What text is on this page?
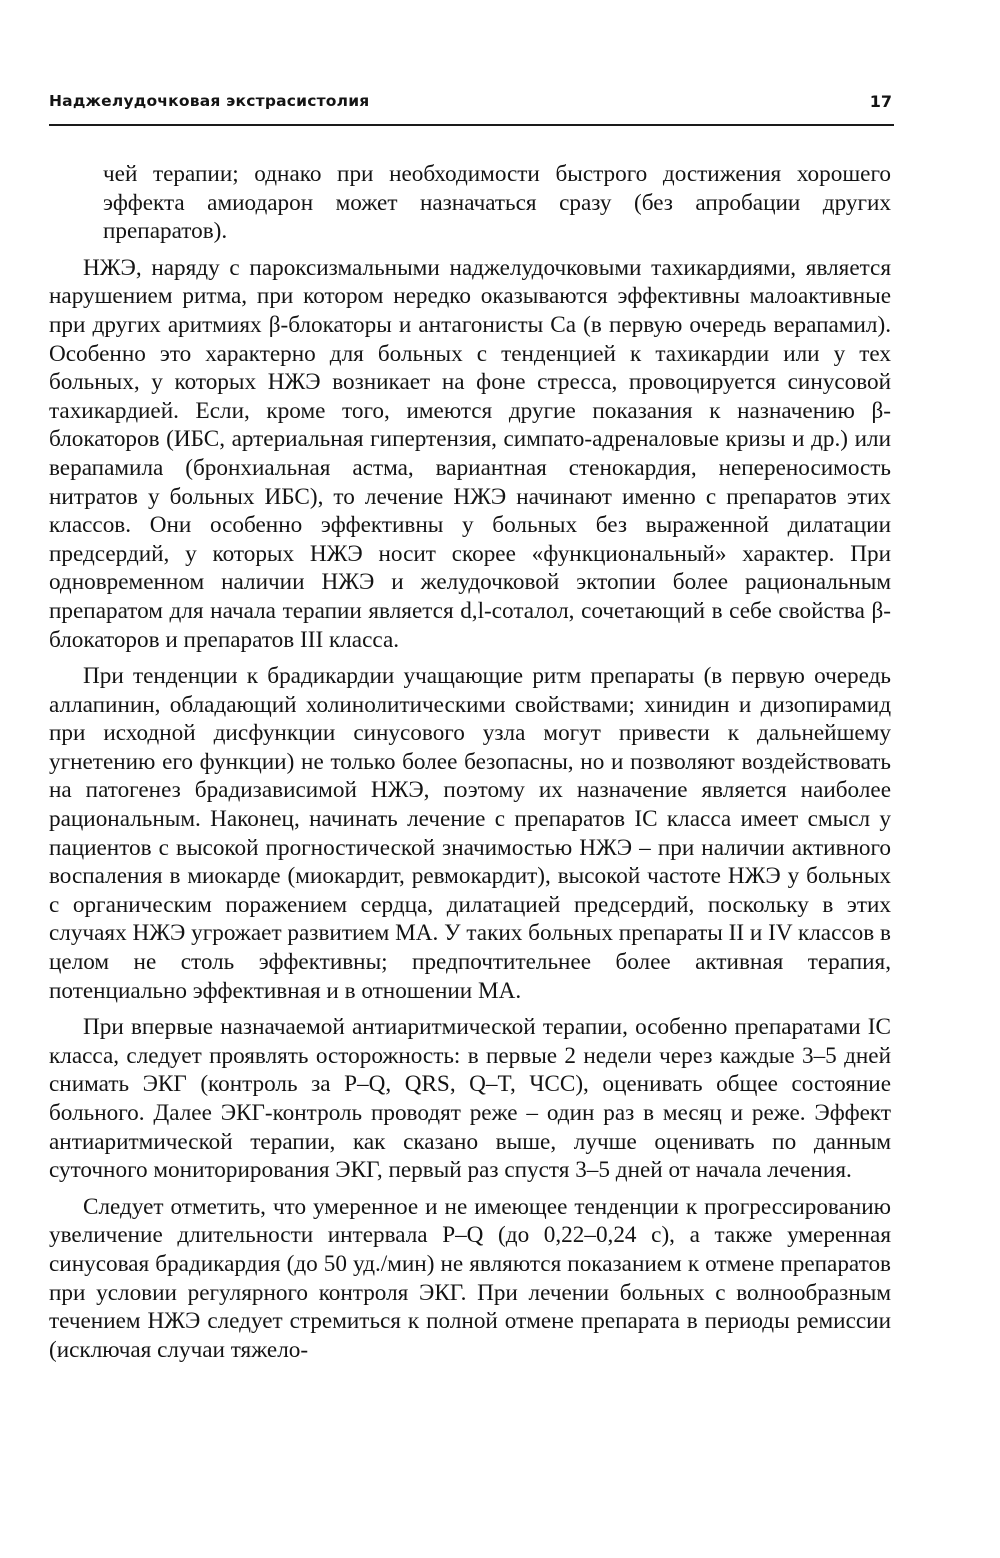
Наджелудочковая экстрасистолия	17

чей терапии; однако при необходимости быстрого достижения хорошего эффекта амиодарон может назначаться сразу (без апробации других препаратов).

НЖЭ, наряду с пароксизмальными наджелудочковыми тахикардиями, является нарушением ритма, при котором нередко оказываются эффективны малоактивные при других аритмиях β-блокаторы и антагонисты Са (в первую очередь верапамил). Особенно это характерно для больных с тенденцией к тахикардии или у тех больных, у которых НЖЭ возникает на фоне стресса, провоцируется синусовой тахикардией. Если, кроме того, имеются другие показания к назначению β-блокаторов (ИБС, артериальная гипертензия, симпато-адреналовые кризы и др.) или верапамила (бронхиальная астма, вариантная стенокардия, непереносимость нитратов у больных ИБС), то лечение НЖЭ начинают именно с препаратов этих классов. Они особенно эффективны у больных без выраженной дилатации предсердий, у которых НЖЭ носит скорее «функциональный» характер. При одновременном наличии НЖЭ и желудочковой эктопии более рациональным препаратом для начала терапии является d,l-соталол, сочетающий в себе свойства β-блокаторов и препаратов III класса.

При тенденции к брадикардии учащающие ритм препараты (в первую очередь аллапинин, обладающий холинолитическими свойствами; хинидин и дизопирамид при исходной дисфункции синусового узла могут привести к дальнейшему угнетению его функции) не только более безопасны, но и позволяют воздействовать на патогенез брадизависимой НЖЭ, поэтому их назначение является наиболее рациональным. Наконец, начинать лечение с препаратов IC класса имеет смысл у пациентов с высокой прогностической значимостью НЖЭ – при наличии активного воспаления в миокарде (миокардит, ревмокардит), высокой частоте НЖЭ у больных с органическим поражением сердца, дилатацией предсердий, поскольку в этих случаях НЖЭ угрожает развитием МА. У таких больных препараты II и IV классов в целом не столь эффективны; предпочтительнее более активная терапия, потенциально эффективная и в отношении МА.

При впервые назначаемой антиаритмической терапии, особенно препаратами IC класса, следует проявлять осторожность: в первые 2 недели через каждые 3–5 дней снимать ЭКГ (контроль за P–Q, QRS, Q–T, ЧСС), оценивать общее состояние больного. Далее ЭКГ-контроль проводят реже – один раз в месяц и реже. Эффект антиаритмической терапии, как сказано выше, лучше оценивать по данным суточного мониторирования ЭКГ, первый раз спустя 3–5 дней от начала лечения.

Следует отметить, что умеренное и не имеющее тенденции к прогрессированию увеличение длительности интервала P–Q (до 0,22–0,24 с), а также умеренная синусовая брадикардия (до 50 уд./мин) не являются показанием к отмене препаратов при условии регулярного контроля ЭКГ. При лечении больных с волнообразным течением НЖЭ следует стремиться к полной отмене препарата в периоды ремиссии (исключая случаи тяжело-
